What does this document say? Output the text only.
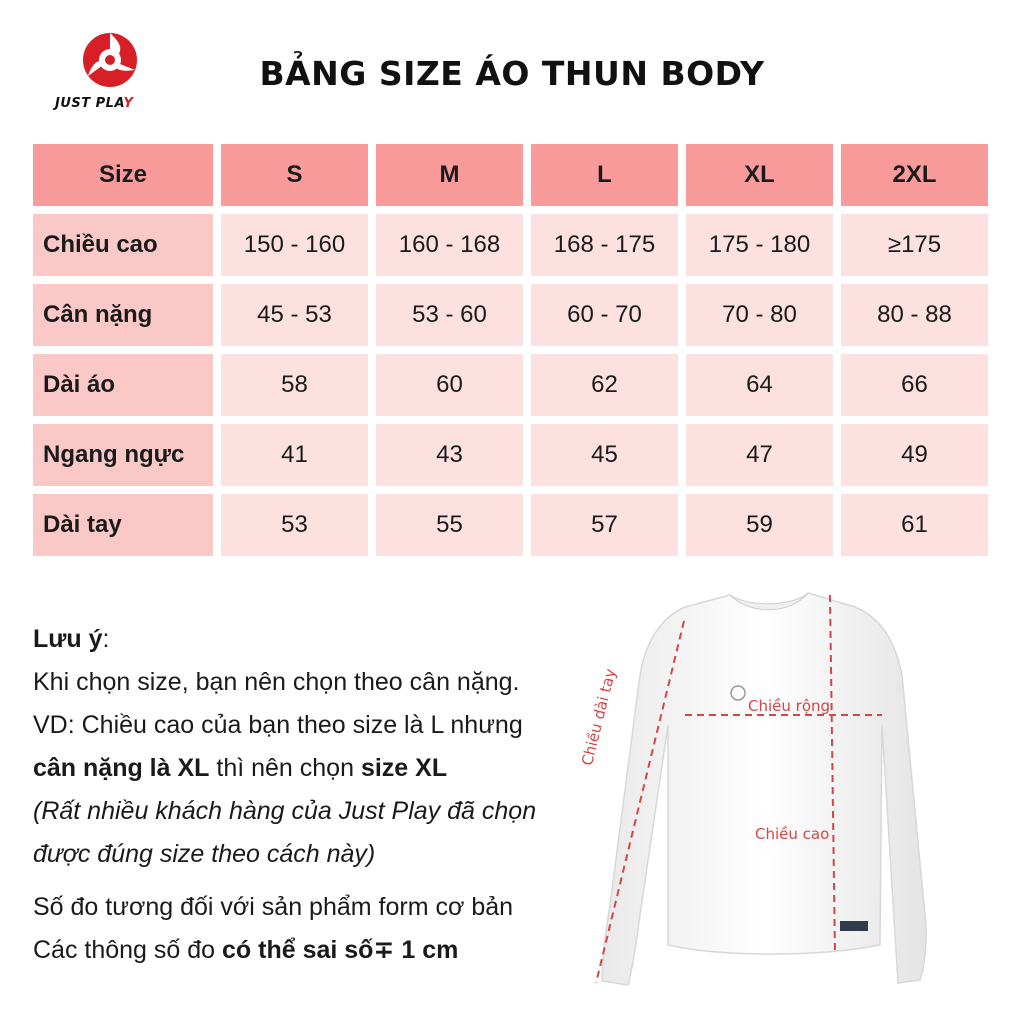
JUST PLAY
BẢNG SIZE ÁO THUN BODY
Size	S	M	L	XL	2XL
Chiều cao	150 - 160	160 - 168	168 - 175	175 - 180	≥175
Cân nặng	45 - 53	53 - 60	60 - 70	70 - 80	80 - 88
Dài áo	58	60	62	64	66
Ngang ngực	41	43	45	47	49
Dài tay	53	55	57	59	61

Lưu ý:

Khi chọn size, bạn nên chọn theo cân nặng.

VD: Chiều cao của bạn theo size là L nhưng

cân nặng là XL thì nên chọn size XL

(Rất nhiều khách hàng của Just Play đã chọn

được đúng size theo cách này)

Số đo tương đối với sản phẩm form cơ bản

Các thông số đo có thể sai số∓ 1 cm

Chiều rộng
Chiều cao
Chiều dài tay
